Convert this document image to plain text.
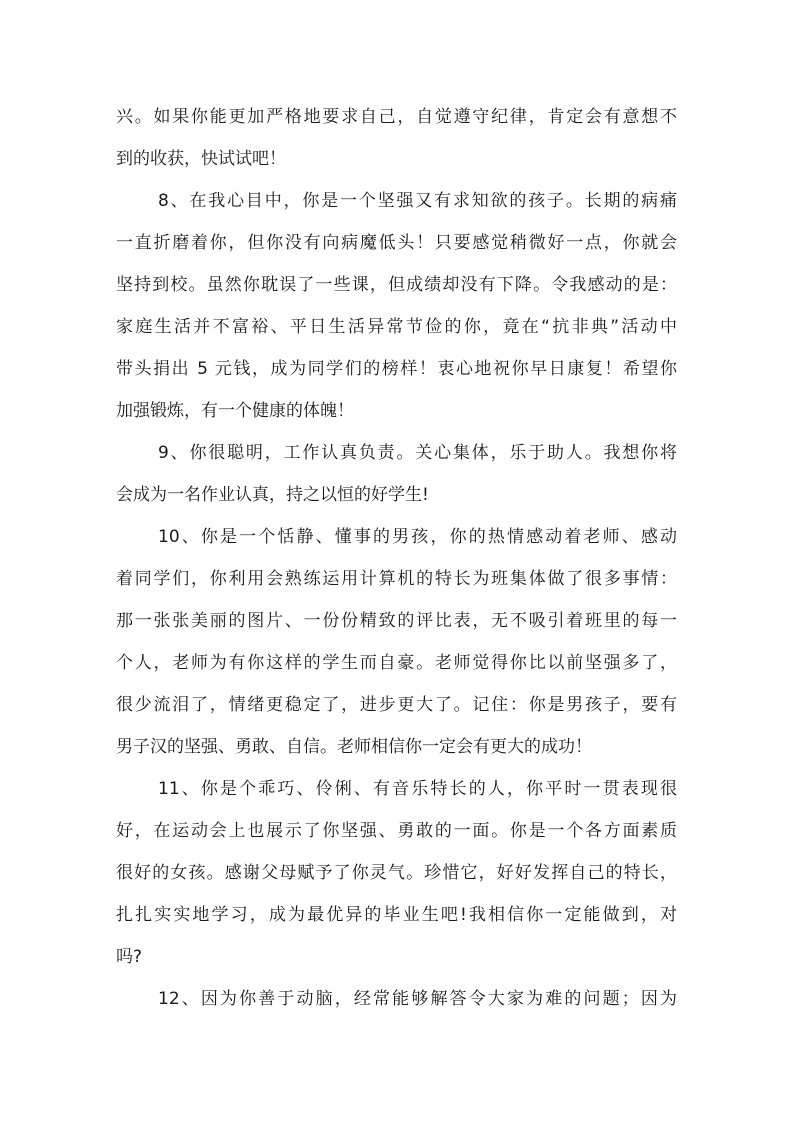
兴。如果你能更加严格地要求自己，自觉遵守纪律，肯定会有意想不
到的收获，快试试吧！
8、在我心目中，你是一个坚强又有求知欲的孩子。长期的病痛
一直折磨着你，但你没有向病魔低头！只要感觉稍微好一点，你就会
坚持到校。虽然你耽误了一些课，但成绩却没有下降。令我感动的是：
家庭生活并不富裕、平日生活异常节俭的你，竟在“抗非典”活动中
带头捐出 5 元钱，成为同学们的榜样！衷心地祝你早日康复！希望你
加强锻炼，有一个健康的体魄！
9、你很聪明，工作认真负责。关心集体，乐于助人。我想你将
会成为一名作业认真，持之以恒的好学生!
10、你是一个恬静、懂事的男孩，你的热情感动着老师、感动
着同学们，你利用会熟练运用计算机的特长为班集体做了很多事情：
那一张张美丽的图片、一份份精致的评比表，无不吸引着班里的每一
个人，老师为有你这样的学生而自豪。老师觉得你比以前坚强多了，
很少流泪了，情绪更稳定了，进步更大了。记住：你是男孩子，要有
男子汉的坚强、勇敢、自信。老师相信你一定会有更大的成功！
11、你是个乖巧、伶俐、有音乐特长的人，你平时一贯表现很
好，在运动会上也展示了你坚强、勇敢的一面。你是一个各方面素质
很好的女孩。感谢父母赋予了你灵气。珍惜它，好好发挥自己的特长，
扎扎实实地学习，成为最优异的毕业生吧!我相信你一定能做到，对
吗?
12、因为你善于动脑，经常能够解答令大家为难的问题；因为
